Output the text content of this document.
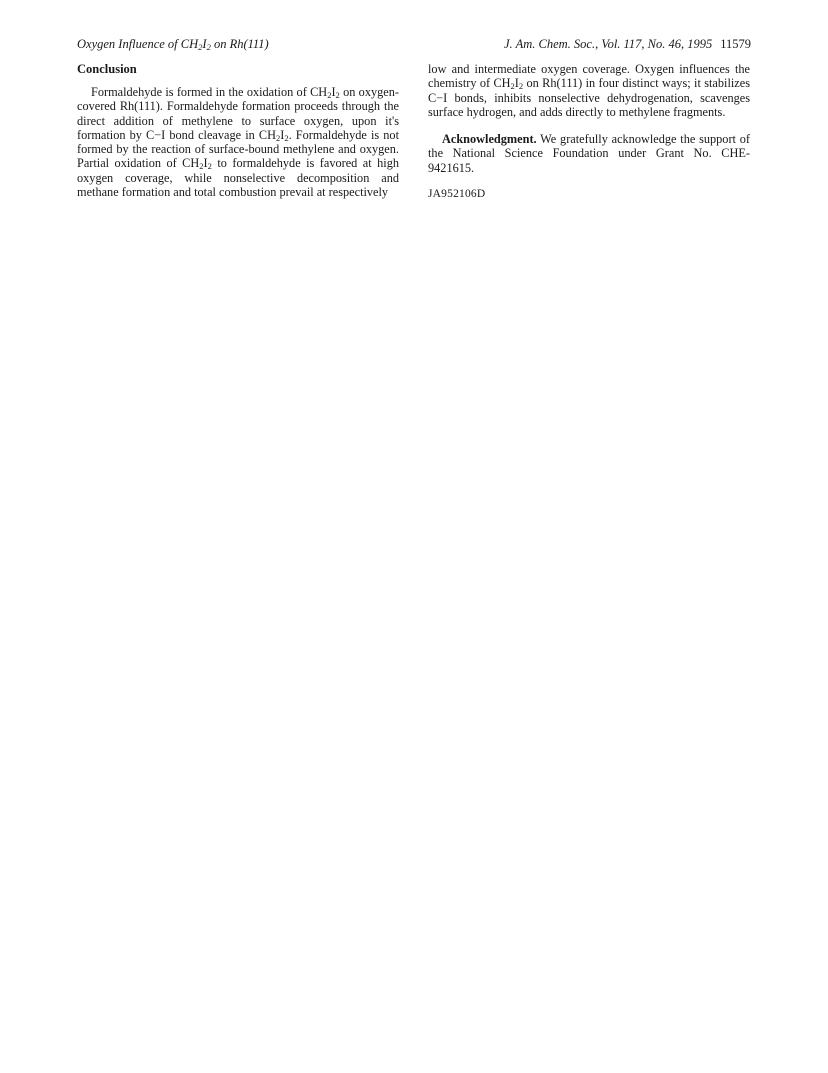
Oxygen Influence of $CH_2I_2$ on Rh(111)	J. Am. Chem. Soc., Vol. 117, No. 46, 1995 11579
Conclusion

Formaldehyde is formed in the oxidation of $CH_2I_2$ on oxygen-covered Rh(111). Formaldehyde formation proceeds through the direct addition of methylene to surface oxygen, upon it's formation by C−I bond cleavage in $CH_2I_2$. Formaldehyde is not formed by the reaction of surface-bound methylene and oxygen. Partial oxidation of $CH_2I_2$ to formaldehyde is favored at high oxygen coverage, while nonselective decomposition and methane formation and total combustion prevail at respectively

low and intermediate oxygen coverage. Oxygen influences the chemistry of $CH_2I_2$ on Rh(111) in four distinct ways; it stabilizes C−I bonds, inhibits nonselective dehydrogenation, scavenges surface hydrogen, and adds directly to methylene fragments.

Acknowledgment. We gratefully acknowledge the support of the National Science Foundation under Grant No. CHE-9421615.

JA952106D
